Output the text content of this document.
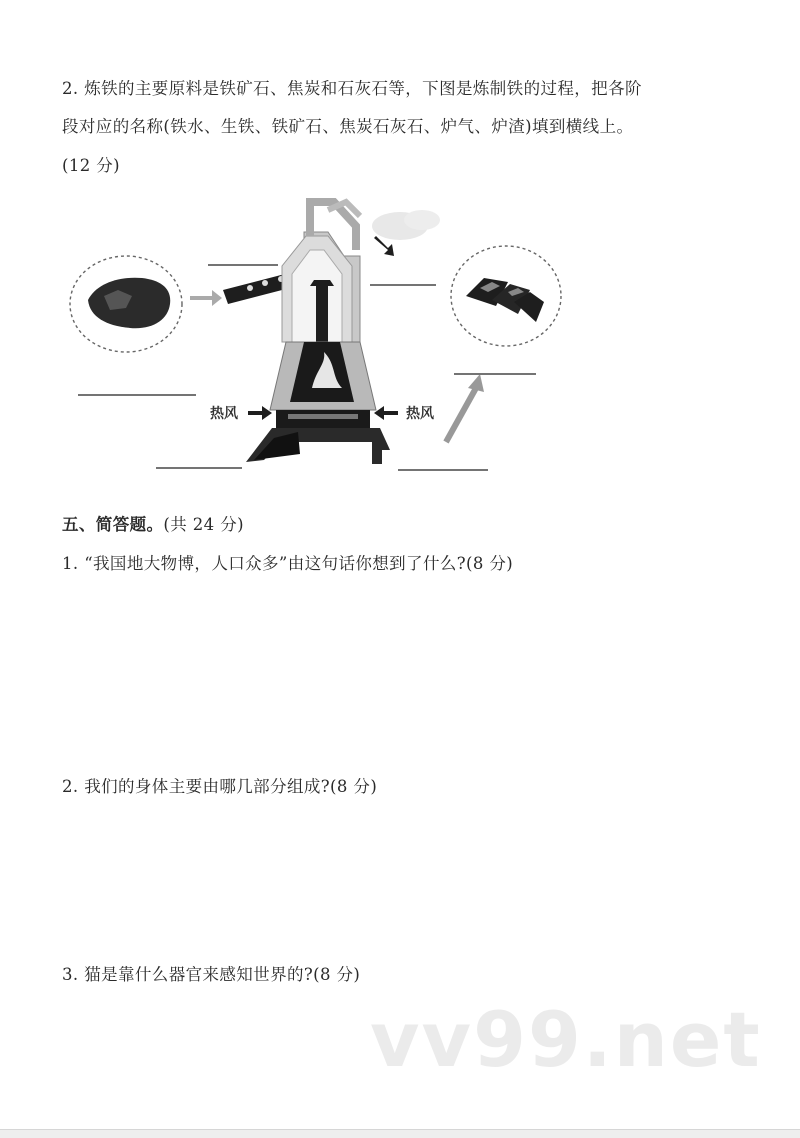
2. 炼铁的主要原料是铁矿石、焦炭和石灰石等，下图是炼制铁的过程，把各阶
段对应的名称(铁水、生铁、铁矿石、焦炭石灰石、炉气、炉渣)填到横线上。
(12 分)
热风	热风
五、简答题。(共 24 分)
1. “我国地大物博，人口众多”由这句话你想到了什么?(8 分)
2. 我们的身体主要由哪几部分组成?(8 分)
3. 猫是靠什么器官来感知世界的?(8 分)
vv99.net
